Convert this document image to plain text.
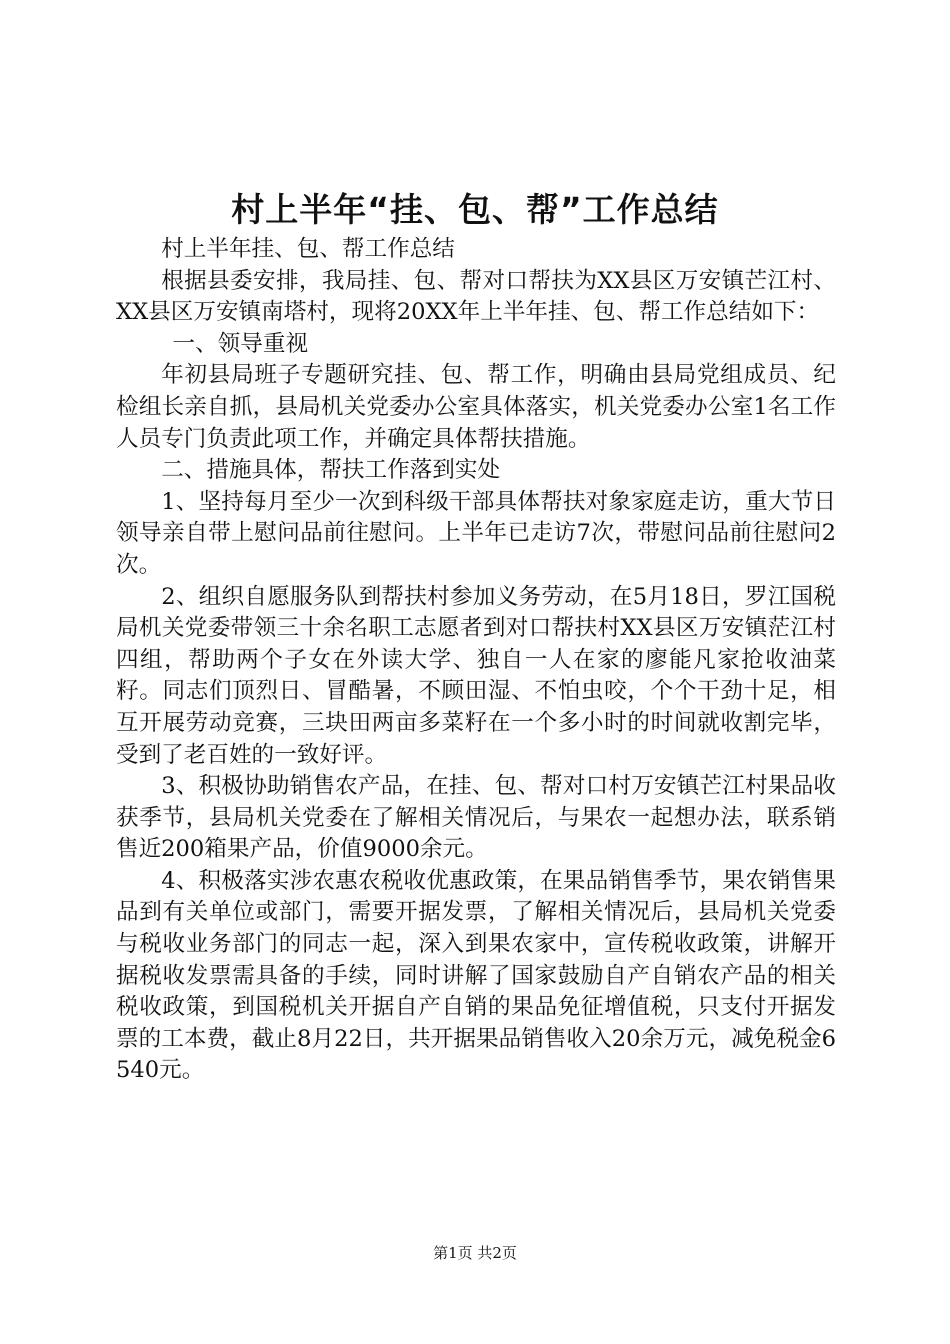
村上半年“挂、包、帮”工作总结

村上半年挂、包、帮工作总结

根据县委安排，我局挂、包、帮对口帮扶为XX县区万安镇芒江村、XX县区万安镇南塔村，现将20XX年上半年挂、包、帮工作总结如下：

一、领导重视

年初县局班子专题研究挂、包、帮工作，明确由县局党组成员、纪检组长亲自抓，县局机关党委办公室具体落实，机关党委办公室1名工作人员专门负责此项工作，并确定具体帮扶措施。

二、措施具体，帮扶工作落到实处

1、坚持每月至少一次到科级干部具体帮扶对象家庭走访，重大节日领导亲自带上慰问品前往慰问。上半年已走访7次，带慰问品前往慰问2次。

2、组织自愿服务队到帮扶村参加义务劳动，在5月18日，罗江国税局机关党委带领三十余名职工志愿者到对口帮扶村XX县区万安镇茫江村四组，帮助两个子女在外读大学、独自一人在家的廖能凡家抢收油菜籽。同志们顶烈日、冒酷暑，不顾田湿、不怕虫咬，个个干劲十足，相互开展劳动竞赛，三块田两亩多菜籽在一个多小时的时间就收割完毕，受到了老百姓的一致好评。

3、积极协助销售农产品，在挂、包、帮对口村万安镇芒江村果品收获季节，县局机关党委在了解相关情况后，与果农一起想办法，联系销售近200箱果产品，价值9000余元。

4、积极落实涉农惠农税收优惠政策，在果品销售季节，果农销售果品到有关单位或部门，需要开据发票，了解相关情况后，县局机关党委与税收业务部门的同志一起，深入到果农家中，宣传税收政策，讲解开据税收发票需具备的手续，同时讲解了国家鼓励自产自销农产品的相关税收政策，到国税机关开据自产自销的果品免征增值税，只支付开据发票的工本费，截止8月22日，共开据果品销售收入20余万元，减免税金6540元。

第1页 共2页
